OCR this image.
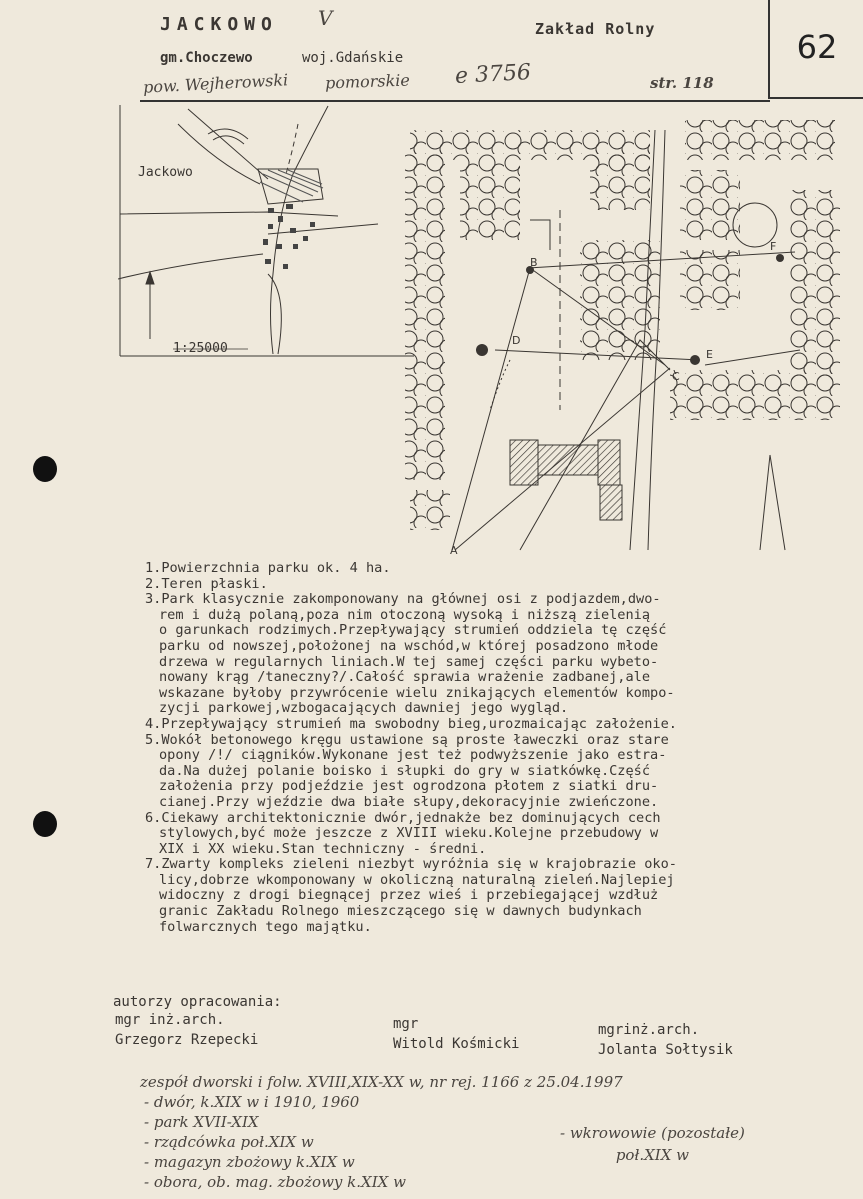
JACKOWO V	Zakład Rolny	62
gm.Choczewo	woj.Gdańskie
pow. Wejherowski pomorskie e 3756	str. 118
Jackowo
1:25000
A
B
C
D
E
F
1.Powierzchnia parku ok. 4 ha.
2.Teren płaski.
3.Park klasycznie zakomponowany na głównej osi z podjazdem,dwo-
rem i dużą polaną,poza nim otoczoną wysoką i niższą zielenią
o garunkach rodzimych.Przepływający strumień oddziela tę część
parku od nowszej,położonej na wschód,w której posadzono młode
drzewa w regularnych liniach.W tej samej części parku wybeto-
nowany krąg /taneczny?/.Całość sprawia wrażenie zadbanej,ale
wskazane byłoby przywrócenie wielu znikających elementów kompo-
zycji parkowej,wzbogacających dawniej jego wygląd.
4.Przepływający strumień ma swobodny bieg,urozmaicając założenie.
5.Wokół betonowego kręgu ustawione są proste ławeczki oraz stare
opony /!/ ciągników.Wykonane jest też podwyższenie jako estra-
da.Na dużej polanie boisko i słupki do gry w siatkówkę.Część
założenia przy podjeździe jest ogrodzona płotem z siatki dru-
cianej.Przy wjeździe dwa białe słupy,dekoracyjnie zwieńczone.
6.Ciekawy architektonicznie dwór,jednakże bez dominujących cech
stylowych,być może jeszcze z XVIII wieku.Kolejne przebudowy w
XIX i XX wieku.Stan techniczny - średni.
7.Zwarty kompleks zieleni niezbyt wyróżnia się w krajobrazie oko-
licy,dobrze wkomponowany w okoliczną naturalną zieleń.Najlepiej
widoczny z drogi biegnącej przez wieś i przebiegającej wzdłuż
granic Zakładu Rolnego mieszczącego się w dawnych budynkach
folwarcznych tego majątku.
autorzy opracowania:
mgr inż.arch.
Grzegorz Rzepecki
mgr
Witold Kośmicki
mgrinż.arch.
Jolanta Sołtysik
zespół dworski i folw. XVIII,XIX-XX w, nr rej. 1166 z 25.04.1997
- dwór, k.XIX w i 1910, 1960
- park XVII-XIX
- rządcówka poł.XIX w
- magazyn zbożowy k.XIX w
- obora, ob. mag. zbożowy k.XIX w
- wkrowowie (pozostałe)
poł.XIX w
